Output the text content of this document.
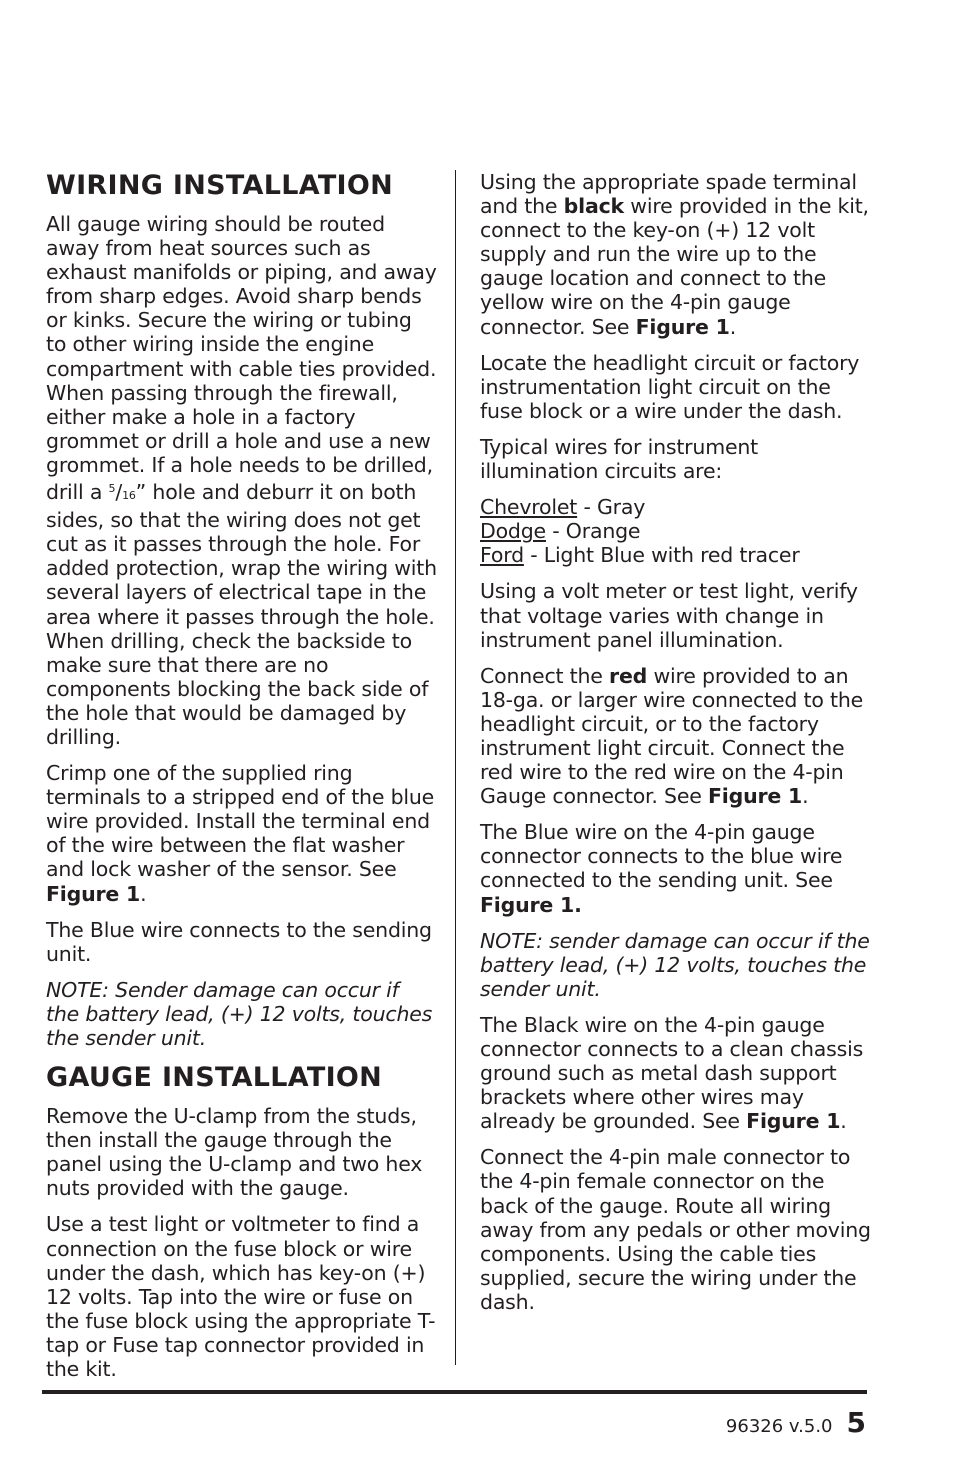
WIRING INSTALLATION

All gauge wiring should be routed away from heat sources such as exhaust manifolds or piping, and away from sharp edges. Avoid sharp bends or kinks. Secure the wiring or tubing to other wiring inside the engine compartment with cable ties provided. When passing through the firewall, either make a hole in a factory grommet or drill a hole and use a new grommet. If a hole needs to be drilled, drill a $^5$/16” hole and deburr it on both sides, so that the wiring does not get cut as it passes through the hole. For added protection, wrap the wiring with several layers of electrical tape in the area where it passes through the hole. When drilling, check the backside to make sure that there are no components blocking the back side of the hole that would be damaged by drilling.

Crimp one of the supplied ring terminals to a stripped end of the blue wire provided. Install the terminal end of the wire between the flat washer and lock washer of the sensor. See Figure 1.

The Blue wire connects to the sending unit.

NOTE: Sender damage can occur if the battery lead, (+) 12 volts, touches the sender unit.

GAUGE INSTALLATION

Remove the U-clamp from the studs, then install the gauge through the panel using the U-clamp and two hex nuts provided with the gauge.

Use a test light or voltmeter to find a connection on the fuse block or wire under the dash, which has key-on (+) 12 volts. Tap into the wire or fuse on the fuse block using the appropriate T-tap or Fuse tap connector provided in the kit.

Using the appropriate spade terminal and the black wire provided in the kit, connect to the key-on (+) 12 volt supply and run the wire up to the gauge location and connect to the yellow wire on the 4-pin gauge connector. See Figure 1.

Locate the headlight circuit or factory instrumentation light circuit on the fuse block or a wire under the dash.

Typical wires for instrument illumination circuits are:

Chevrolet - Gray
Dodge - Orange
Ford - Light Blue with red tracer

Using a volt meter or test light, verify that voltage varies with change in instrument panel illumination.

Connect the red wire provided to an 18-ga. or larger wire connected to the headlight circuit, or to the factory instrument light circuit. Connect the red wire to the red wire on the 4-pin Gauge connector. See Figure 1.

The Blue wire on the 4-pin gauge connector connects to the blue wire connected to the sending unit. See Figure 1.

NOTE: sender damage can occur if the battery lead, (+) 12 volts, touches the sender unit.

The Black wire on the 4-pin gauge connector connects to a clean chassis ground such as metal dash support brackets where other wires may already be grounded. See Figure 1.

Connect the 4-pin male connector to the 4-pin female connector on the back of the gauge. Route all wiring away from any pedals or other moving components. Using the cable ties supplied, secure the wiring under the dash.

96326 v.5.0 5
